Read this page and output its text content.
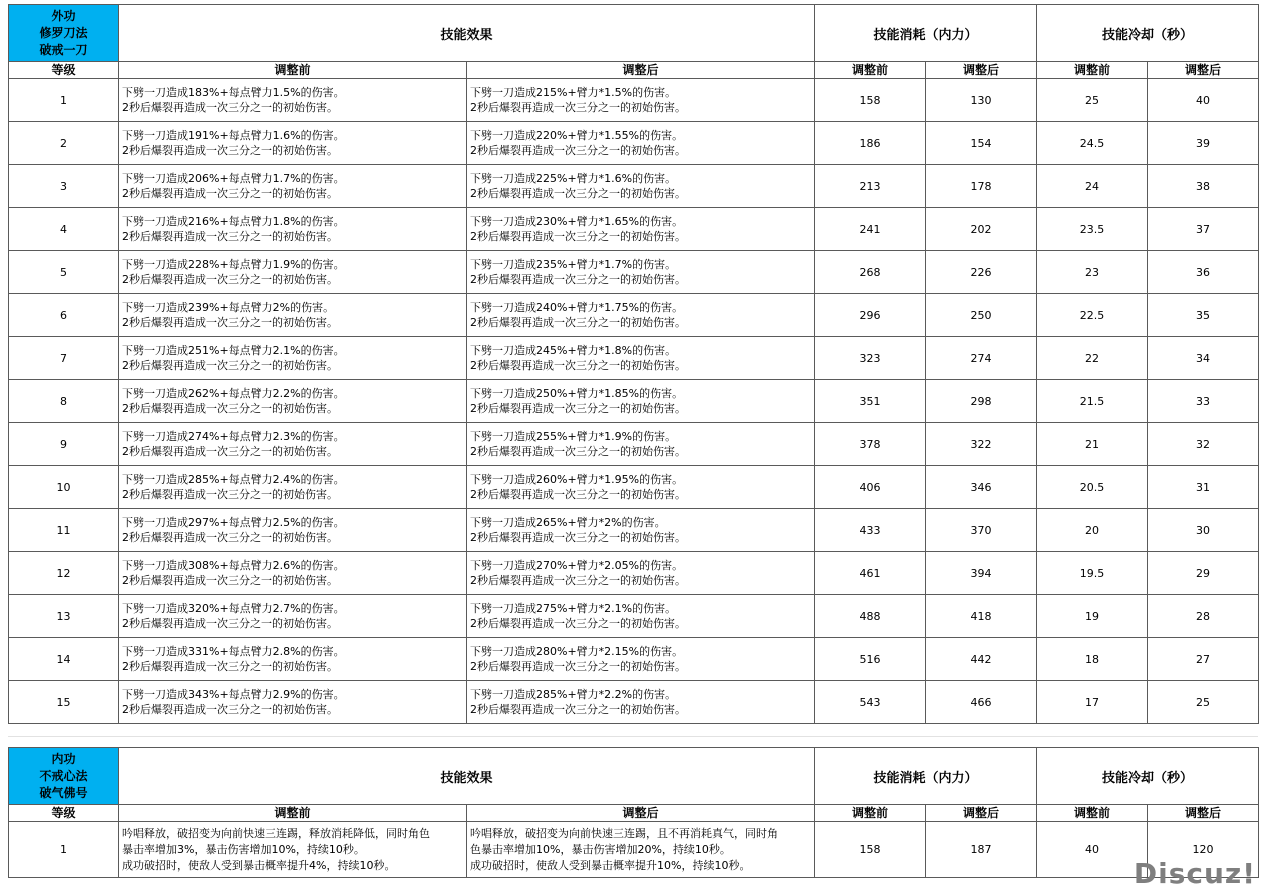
外功
修罗刀法
破戒一刀	技能效果		技能消耗（内力）		技能冷却（秒）	
等级	调整前	调整后	调整前	调整后	调整前	调整后
1	下劈一刀造成183%+每点臂力1.5%的伤害。
2秒后爆裂再造成一次三分之一的初始伤害。	下劈一刀造成215%+臂力*1.5%的伤害。
2秒后爆裂再造成一次三分之一的初始伤害。	158	130	25	40
2	下劈一刀造成191%+每点臂力1.6%的伤害。
2秒后爆裂再造成一次三分之一的初始伤害。	下劈一刀造成220%+臂力*1.55%的伤害。
2秒后爆裂再造成一次三分之一的初始伤害。	186	154	24.5	39
3	下劈一刀造成206%+每点臂力1.7%的伤害。
2秒后爆裂再造成一次三分之一的初始伤害。	下劈一刀造成225%+臂力*1.6%的伤害。
2秒后爆裂再造成一次三分之一的初始伤害。	213	178	24	38
4	下劈一刀造成216%+每点臂力1.8%的伤害。
2秒后爆裂再造成一次三分之一的初始伤害。	下劈一刀造成230%+臂力*1.65%的伤害。
2秒后爆裂再造成一次三分之一的初始伤害。	241	202	23.5	37
5	下劈一刀造成228%+每点臂力1.9%的伤害。
2秒后爆裂再造成一次三分之一的初始伤害。	下劈一刀造成235%+臂力*1.7%的伤害。
2秒后爆裂再造成一次三分之一的初始伤害。	268	226	23	36
6	下劈一刀造成239%+每点臂力2%的伤害。
2秒后爆裂再造成一次三分之一的初始伤害。	下劈一刀造成240%+臂力*1.75%的伤害。
2秒后爆裂再造成一次三分之一的初始伤害。	296	250	22.5	35
7	下劈一刀造成251%+每点臂力2.1%的伤害。
2秒后爆裂再造成一次三分之一的初始伤害。	下劈一刀造成245%+臂力*1.8%的伤害。
2秒后爆裂再造成一次三分之一的初始伤害。	323	274	22	34
8	下劈一刀造成262%+每点臂力2.2%的伤害。
2秒后爆裂再造成一次三分之一的初始伤害。	下劈一刀造成250%+臂力*1.85%的伤害。
2秒后爆裂再造成一次三分之一的初始伤害。	351	298	21.5	33
9	下劈一刀造成274%+每点臂力2.3%的伤害。
2秒后爆裂再造成一次三分之一的初始伤害。	下劈一刀造成255%+臂力*1.9%的伤害。
2秒后爆裂再造成一次三分之一的初始伤害。	378	322	21	32
10	下劈一刀造成285%+每点臂力2.4%的伤害。
2秒后爆裂再造成一次三分之一的初始伤害。	下劈一刀造成260%+臂力*1.95%的伤害。
2秒后爆裂再造成一次三分之一的初始伤害。	406	346	20.5	31
11	下劈一刀造成297%+每点臂力2.5%的伤害。
2秒后爆裂再造成一次三分之一的初始伤害。	下劈一刀造成265%+臂力*2%的伤害。
2秒后爆裂再造成一次三分之一的初始伤害。	433	370	20	30
12	下劈一刀造成308%+每点臂力2.6%的伤害。
2秒后爆裂再造成一次三分之一的初始伤害。	下劈一刀造成270%+臂力*2.05%的伤害。
2秒后爆裂再造成一次三分之一的初始伤害。	461	394	19.5	29
13	下劈一刀造成320%+每点臂力2.7%的伤害。
2秒后爆裂再造成一次三分之一的初始伤害。	下劈一刀造成275%+臂力*2.1%的伤害。
2秒后爆裂再造成一次三分之一的初始伤害。	488	418	19	28
14	下劈一刀造成331%+每点臂力2.8%的伤害。
2秒后爆裂再造成一次三分之一的初始伤害。	下劈一刀造成280%+臂力*2.15%的伤害。
2秒后爆裂再造成一次三分之一的初始伤害。	516	442	18	27
15	下劈一刀造成343%+每点臂力2.9%的伤害。
2秒后爆裂再造成一次三分之一的初始伤害。	下劈一刀造成285%+臂力*2.2%的伤害。
2秒后爆裂再造成一次三分之一的初始伤害。	543	466	17	25
内功
不戒心法
破气佛号	技能效果		技能消耗（内力）		技能冷却（秒）	
等级	调整前	调整后	调整前	调整后	调整前	调整后
1	吟唱释放，破招变为向前快速三连踢，释放消耗降低，同时角色
暴击率增加3%，暴击伤害增加10%，持续10秒。
成功破招时，使敌人受到暴击概率提升4%，持续10秒。	吟唱释放，破招变为向前快速三连踢，且不再消耗真气，同时角
色暴击率增加10%，暴击伤害增加20%，持续10秒。
成功破招时，使敌人受到暴击概率提升10%，持续10秒。	158	187	40	120
Discuz!
